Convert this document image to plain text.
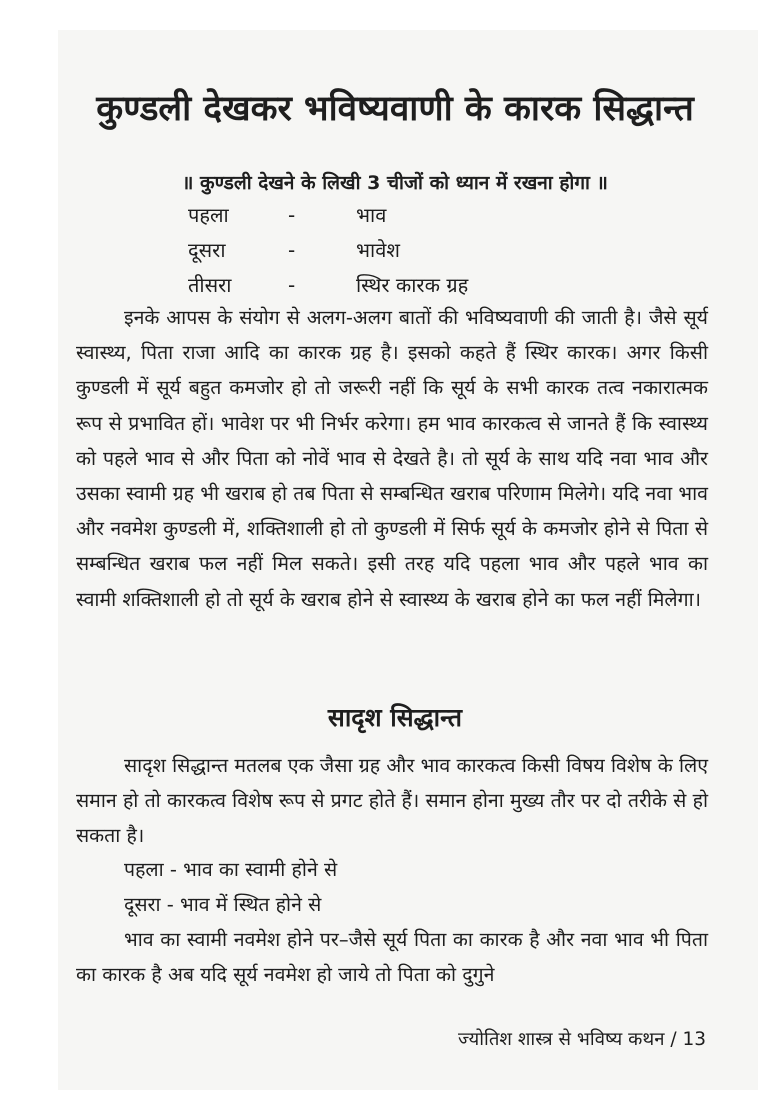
कुण्डली देखकर भविष्यवाणी के कारक सिद्धान्त

॥ कुण्डली देखने के लिखी 3 चीजों को ध्यान में रखना होगा ॥

पहला	-	भाव
दूसरा	-	भावेश
तीसरा	-	स्थिर कारक ग्रह

इनके आपस के संयोग से अलग-अलग बातों की भविष्यवाणी की जाती है। जैसे सूर्य स्वास्थ्य, पिता राजा आदि का कारक ग्रह है। इसको कहते हैं स्थिर कारक। अगर किसी कुण्डली में सूर्य बहुत कमजोर हो तो जरूरी नहीं कि सूर्य के सभी कारक तत्व नकारात्मक रूप से प्रभावित हों। भावेश पर भी निर्भर करेगा। हम भाव कारकत्व से जानते हैं कि स्वास्थ्य को पहले भाव से और पिता को नोवें भाव से देखते है। तो सूर्य के साथ यदि नवा भाव और उसका स्वामी ग्रह भी खराब हो तब पिता से सम्बन्धित खराब परिणाम मिलेगे। यदि नवा भाव और नवमेश कुण्डली में, शक्तिशाली हो तो कुण्डली में सिर्फ सूर्य के कमजोर होने से पिता से सम्बन्धित खराब फल नहीं मिल सकते। इसी तरह यदि पहला भाव और पहले भाव का स्वामी शक्तिशाली हो तो सूर्य के खराब होने से स्वास्थ्य के खराब होने का फल नहीं मिलेगा।

सादृश सिद्धान्त

सादृश सिद्धान्त मतलब एक जैसा ग्रह और भाव कारकत्व किसी विषय विशेष के लिए समान हो तो कारकत्व विशेष रूप से प्रगट होते हैं। समान होना मुख्य तौर पर दो तरीके से हो सकता है।

पहला - भाव का स्वामी होने से

दूसरा - भाव में स्थित होने से

भाव का स्वामी नवमेश होने पर–जैसे सूर्य पिता का कारक है और नवा भाव भी पिता का कारक है अब यदि सूर्य नवमेश हो जाये तो पिता को दुगुने

ज्योतिश शास्त्र से भविष्य कथन / 13
